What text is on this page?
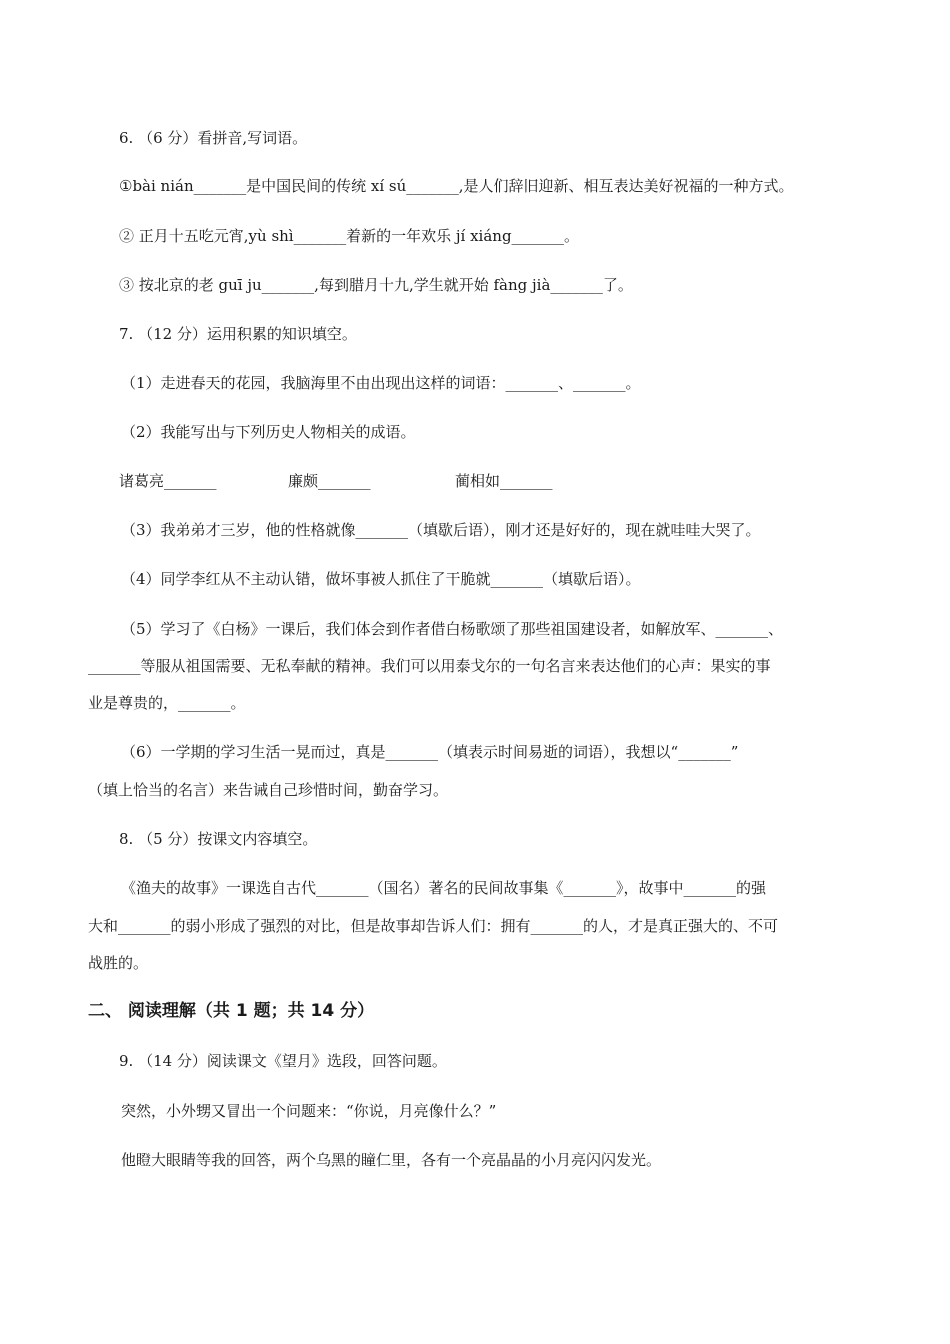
6. （6 分）看拼音,写词语。
①bài nián_______是中国民间的传统 xí sú_______,是人们辞旧迎新、相互表达美好祝福的一种方式。
② 正月十五吃元宵,yù shì_______着新的一年欢乐 jí xiáng_______。
③ 按北京的老 guī ju_______,每到腊月十九,学生就开始 fàng jià_______了。
7. （12 分）运用积累的知识填空。
（1）走进春天的花园，我脑海里不由出现出这样的词语：_______、_______。
（2）我能写出与下列历史人物相关的成语。
诸葛亮_______	廉颇_______	蔺相如_______
（3）我弟弟才三岁，他的性格就像_______（填歇后语），刚才还是好好的，现在就哇哇大哭了。
（4）同学李红从不主动认错，做坏事被人抓住了干脆就_______（填歇后语）。
（5）学习了《白杨》一课后，我们体会到作者借白杨歌颂了那些祖国建设者，如解放军、_______、
_______等服从祖国需要、无私奉献的精神。我们可以用泰戈尔的一句名言来表达他们的心声：果实的事
业是尊贵的，_______。
（6）一学期的学习生活一晃而过，真是_______（填表示时间易逝的词语），我想以“_______”
（填上恰当的名言）来告诫自己珍惜时间，勤奋学习。
8. （5 分）按课文内容填空。
《渔夫的故事》一课选自古代_______（国名）著名的民间故事集《_______》，故事中_______的强
大和_______的弱小形成了强烈的对比，但是故事却告诉人们：拥有_______的人，才是真正强大的、不可
战胜的。
二、 阅读理解（共 1 题；共 14 分）
9. （14 分）阅读课文《望月》选段，回答问题。
突然，小外甥又冒出一个问题来：“你说，月亮像什么？”
他瞪大眼睛等我的回答，两个乌黑的瞳仁里，各有一个亮晶晶的小月亮闪闪发光。
